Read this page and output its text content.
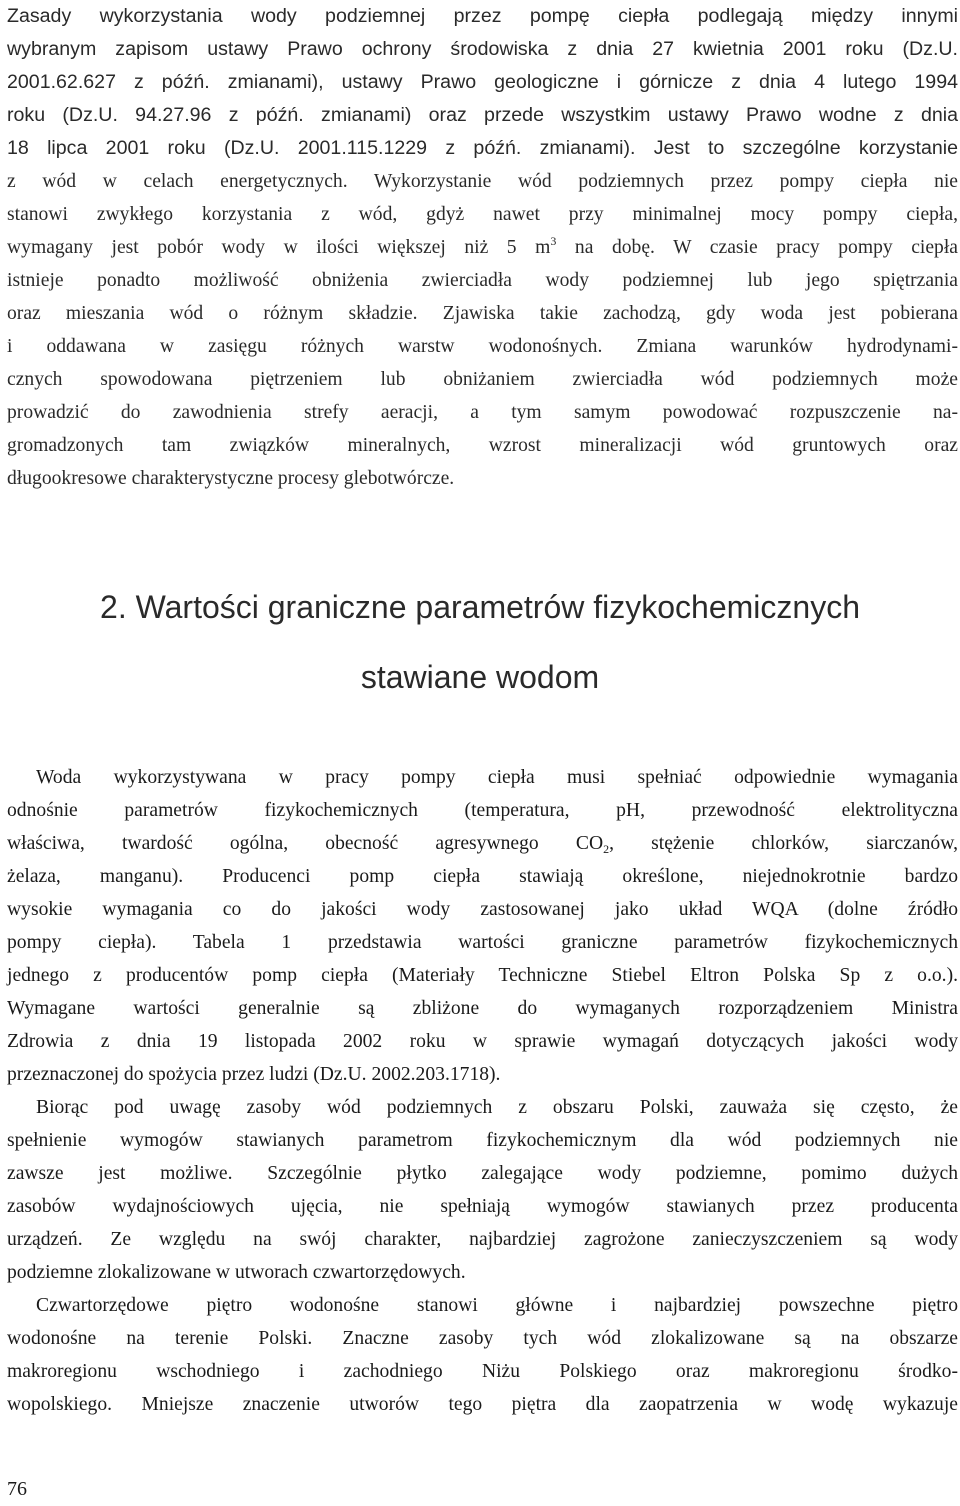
Zasady wykorzystania wody podziemnej przez pompę ciepła podlegają między innymi
wybranym zapisom ustawy Prawo ochrony środowiska z dnia 27 kwietnia 2001 roku (Dz.U.
2001.62.627 z późń. zmianami), ustawy Prawo geologiczne i górnicze z dnia 4 lutego 1994
roku (Dz.U. 94.27.96 z późń. zmianami) oraz przede wszystkim ustawy Prawo wodne z dnia
18 lipca 2001 roku (Dz.U. 2001.115.1229 z późń. zmianami). Jest to szczególne korzystanie
z wód w celach energetycznych. Wykorzystanie wód podziemnych przez pompy ciepła nie
stanowi zwykłego korzystania z wód, gdyż nawet przy minimalnej mocy pompy ciepła,
wymagany jest pobór wody w ilości większej niż 5 $m^3$ na dobę. W czasie pracy pompy ciepła
istnieje ponadto możliwość obniżenia zwierciadła wody podziemnej lub jego spiętrzania
oraz mieszania wód o różnym składzie. Zjawiska takie zachodzą, gdy woda jest pobierana
i oddawana w zasięgu różnych warstw wodonośnych. Zmiana warunków hydrodynami-
cznych spowodowana piętrzeniem lub obniżaniem zwierciadła wód podziemnych może
prowadzić do zawodnienia strefy aeracji, a tym samym powodować rozpuszczenie na-
gromadzonych tam związków mineralnych, wzrost mineralizacji wód gruntowych oraz
długookresowe charakterystyczne procesy glebotwórcze.
2. Wartości graniczne parametrów fizykochemicznych
stawiane wodom
Woda wykorzystywana w pracy pompy ciepła musi spełniać odpowiednie wymagania
odnośnie parametrów fizykochemicznych (temperatura, pH, przewodność elektrolityczna
właściwa, twardość ogólna, obecność agresywnego $CO_2$, stężenie chlorków, siarczanów,
żelaza, manganu). Producenci pomp ciepła stawiają określone, niejednokrotnie bardzo
wysokie wymagania co do jakości wody zastosowanej jako układ WQA (dolne źródło
pompy ciepła). Tabela 1 przedstawia wartości graniczne parametrów fizykochemicznych
jednego z producentów pomp ciepła (Materiały Techniczne Stiebel Eltron Polska Sp z o.o.).
Wymagane wartości generalnie są zbliżone do wymaganych rozporządzeniem Ministra
Zdrowia z dnia 19 listopada 2002 roku w sprawie wymagań dotyczących jakości wody
przeznaczonej do spożycia przez ludzi (Dz.U. 2002.203.1718).
Biorąc pod uwagę zasoby wód podziemnych z obszaru Polski, zauważa się często, że
spełnienie wymogów stawianych parametrom fizykochemicznym dla wód podziemnych nie
zawsze jest możliwe. Szczególnie płytko zalegające wody podziemne, pomimo dużych
zasobów wydajnościowych ujęcia, nie spełniają wymogów stawianych przez producenta
urządzeń. Ze względu na swój charakter, najbardziej zagrożone zanieczyszczeniem są wody
podziemne zlokalizowane w utworach czwartorzędowych.
Czwartorzędowe piętro wodonośne stanowi główne i najbardziej powszechne piętro
wodonośne na terenie Polski. Znaczne zasoby tych wód zlokalizowane są na obszarze
makroregionu wschodniego i zachodniego Niżu Polskiego oraz makroregionu środko-
wopolskiego. Mniejsze znaczenie utworów tego piętra dla zaopatrzenia w wodę wykazuje
76
